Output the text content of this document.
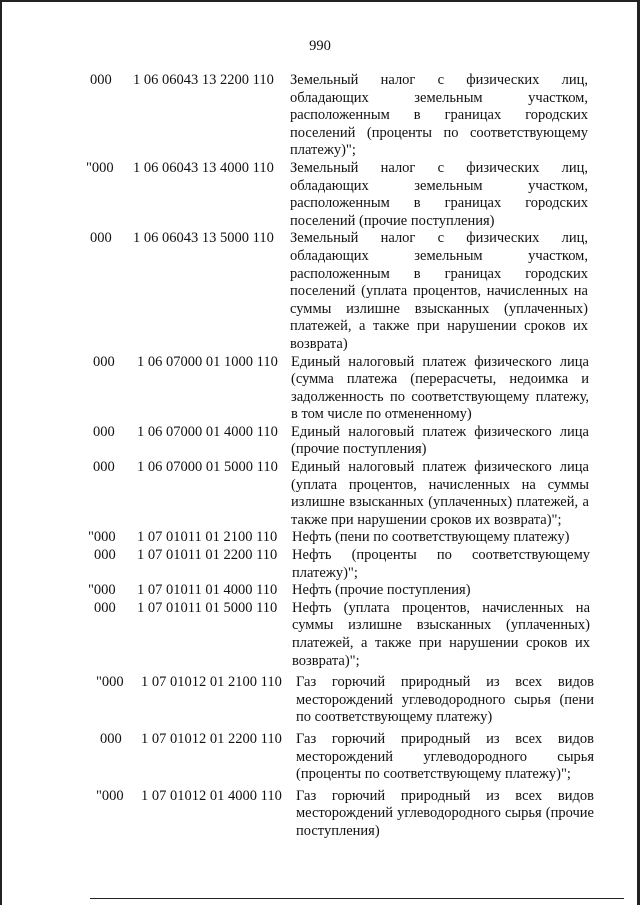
990
000	1 06 06043 13 2200 110	Земельный налог с физических лиц, обладающих земельным участком, расположенным в границах городских поселений (проценты по соответствующему платежу)";
"000	1 06 06043 13 4000 110	Земельный налог с физических лиц, обладающих земельным участком, расположенным в границах городских поселений (прочие поступления)
000	1 06 06043 13 5000 110	Земельный налог с физических лиц, обладающих земельным участком, расположенным в границах городских поселений (уплата процентов, начисленных на суммы излишне взысканных (уплаченных) платежей, а также при нарушении сроков их возврата)
000	1 06 07000 01 1000 110 Единый налоговый платеж физического лица (сумма платежа (перерасчеты, недоимка и задолженность по соответствующему платежу, в том числе по отмененному)
000	1 06 07000 01 4000 110 Единый налоговый платеж физического лица (прочие поступления)
000	1 06 07000 01 5000 110 Единый налоговый платеж физического лица (уплата процентов, начисленных на суммы излишне взысканных (уплаченных) платежей, а также при нарушении сроков их возврата)";
"000	1 07 01011 01 2100 110	Нефть (пени по соответствующему платежу)
000	1 07 01011 01 2200 110	Нефть (проценты по соответствующему платежу)";
"000	1 07 01011 01 4000 110	Нефть (прочие поступления)
000	1 07 01011 01 5000 110	Нефть (уплата процентов, начисленных на суммы излишне взысканных (уплаченных) платежей, а также при нарушении сроков их возврата)";
"000	1 07 01012 01 2100 110 Газ горючий природный из всех видов месторождений углеводородного сырья (пени по соответствующему платежу)
000	1 07 01012 01 2200 110 Газ горючий природный из всех видов месторождений углеводородного сырья (проценты по соответствующему платежу)";
"000	1 07 01012 01 4000 110 Газ горючий природный из всех видов месторождений углеводородного сырья (прочие поступления)
